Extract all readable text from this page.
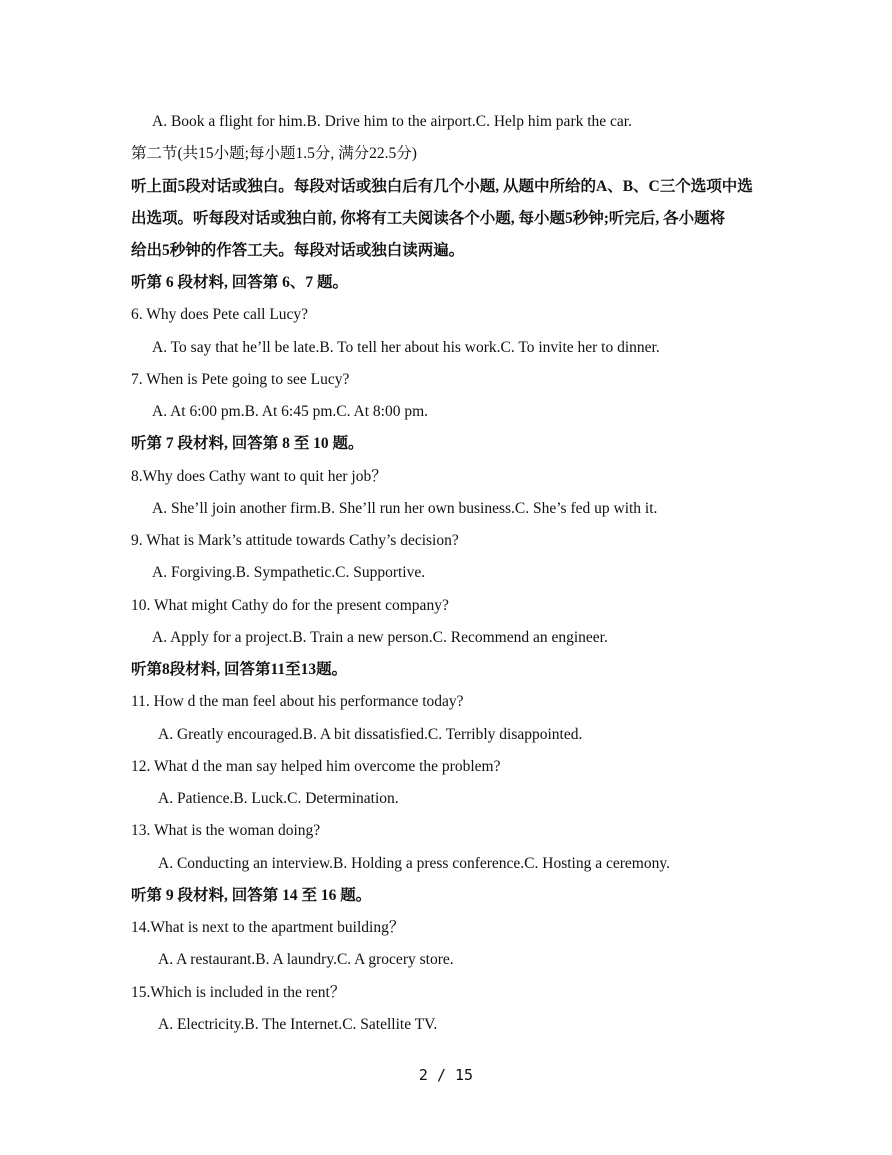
A. Book a flight for him.B. Drive him to the airport.C. Help him park the car.
第二节(共15小题;每小题1.5分, 满分22.5分)
听上面5段对话或独白。每段对话或独白后有几个小题, 从题中所给的A、B、C三个选项中选
出选项。听每段对话或独白前, 你将有工夫阅读各个小题, 每小题5秒钟;听完后, 各小题将
给出5秒钟的作答工夫。每段对话或独白读两遍。
听第 6 段材料, 回答第 6、7 题。
6. Why does Pete call Lucy?
A. To say that he’ll be late.B. To tell her about his work.C. To invite her to dinner.
7. When is Pete going to see Lucy?
A. At 6:00 pm.B. At 6:45 pm.C. At 8:00 pm.
听第 7 段材料, 回答第 8 至 10 题。
8.Why does Cathy want to quit her job？
A. She’ll join another firm.B. She’ll run her own business.C. She’s fed up with it.
9. What is Mark’s attitude towards Cathy’s decision?
A. Forgiving.B. Sympathetic.C. Supportive.
10. What might Cathy do for the present company?
A. Apply for a project.B. Train a new person.C. Recommend an engineer.
听第8段材料, 回答第11至13题。
11. How d the man feel about his performance today?
A. Greatly encouraged.B. A bit dissatisfied.C. Terribly disappointed.
12. What d the man say helped him overcome the problem?
A. Patience.B. Luck.C. Determination.
13. What is the woman doing?
A. Conducting an interview.B. Holding a press conference.C. Hosting a ceremony.
听第 9 段材料, 回答第 14 至 16 题。
14.What is next to the apartment building？
A. A restaurant.B. A laundry.C. A grocery store.
15.Which is included in the rent？
A. Electricity.B. The Internet.C. Satellite TV.
2 / 15
